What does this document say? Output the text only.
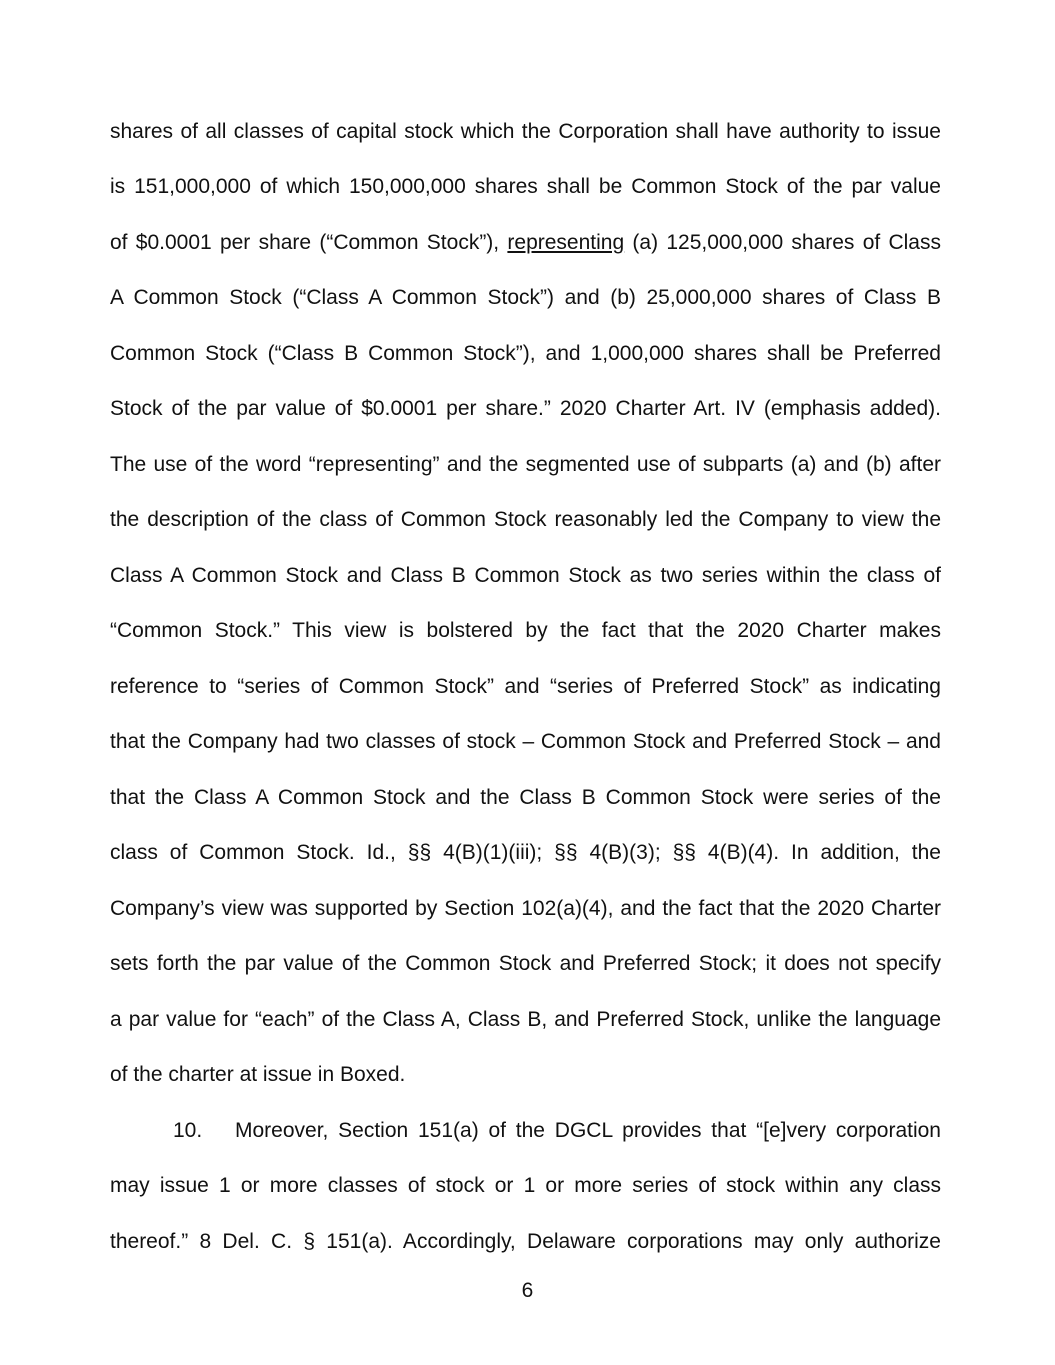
shares of all classes of capital stock which the Corporation shall have authority to issue
is 151,000,000 of which 150,000,000 shares shall be Common Stock of the par value
of $0.0001 per share (“Common Stock”), representing (a) 125,000,000 shares of Class
A Common Stock (“Class A Common Stock”) and (b) 25,000,000 shares of Class B
Common Stock (“Class B Common Stock”), and 1,000,000 shares shall be Preferred
Stock of the par value of $0.0001 per share.” 2020 Charter Art. IV (emphasis added).
The use of the word “representing” and the segmented use of subparts (a) and (b) after
the description of the class of Common Stock reasonably led the Company to view the
Class A Common Stock and Class B Common Stock as two series within the class of
“Common Stock.” This view is bolstered by the fact that the 2020 Charter makes
reference to “series of Common Stock” and “series of Preferred Stock” as indicating
that the Company had two classes of stock – Common Stock and Preferred Stock – and
that the Class A Common Stock and the Class B Common Stock were series of the
class of Common Stock. Id., §§ 4(B)(1)(iii); §§ 4(B)(3); §§ 4(B)(4). In addition, the
Company’s view was supported by Section 102(a)(4), and the fact that the 2020 Charter
sets forth the par value of the Common Stock and Preferred Stock; it does not specify
a par value for “each” of the Class A, Class B, and Preferred Stock, unlike the language
of the charter at issue in Boxed.
10. Moreover, Section 151(a) of the DGCL provides that “[e]very corporation
may issue 1 or more classes of stock or 1 or more series of stock within any class
thereof.” 8 Del. C. § 151(a). Accordingly, Delaware corporations may only authorize
6
